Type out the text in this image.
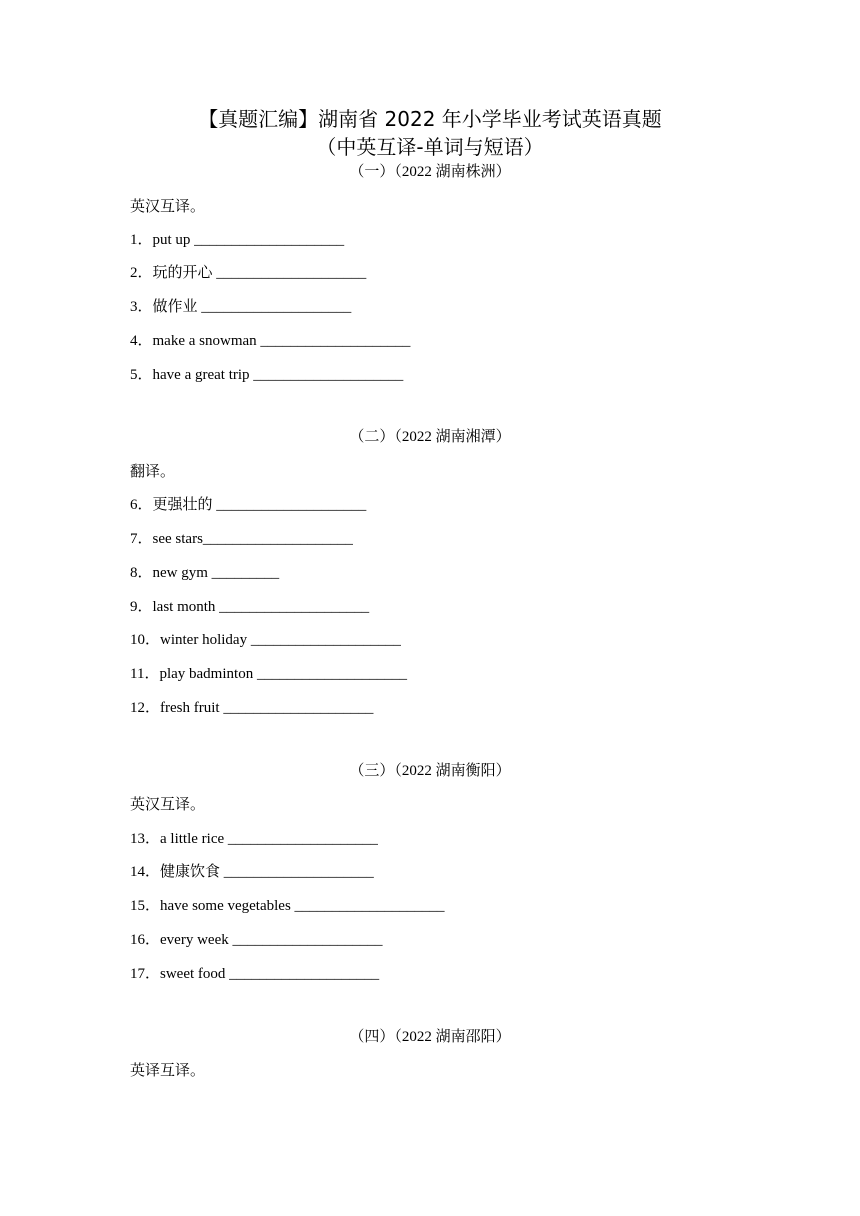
【真题汇编】湖南省 2022 年小学毕业考试英语真题
（中英互译-单词与短语）
（一）（2022 湖南株洲）
英汉互译。
1．put up ____________________
2．玩的开心 ____________________
3．做作业 ____________________
4．make a snowman ____________________
5．have a great trip ____________________
（二）（2022 湖南湘潭）
翻译。
6．更强壮的 ____________________
7．see stars____________________
8．new gym _________
9．last month ____________________
10．winter holiday ____________________
11．play badminton ____________________
12．fresh fruit ____________________
（三）（2022 湖南衡阳）
英汉互译。
13．a little rice ____________________
14．健康饮食 ____________________
15．have some vegetables ____________________
16．every week ____________________
17．sweet food ____________________
（四）（2022 湖南邵阳）
英译互译。
